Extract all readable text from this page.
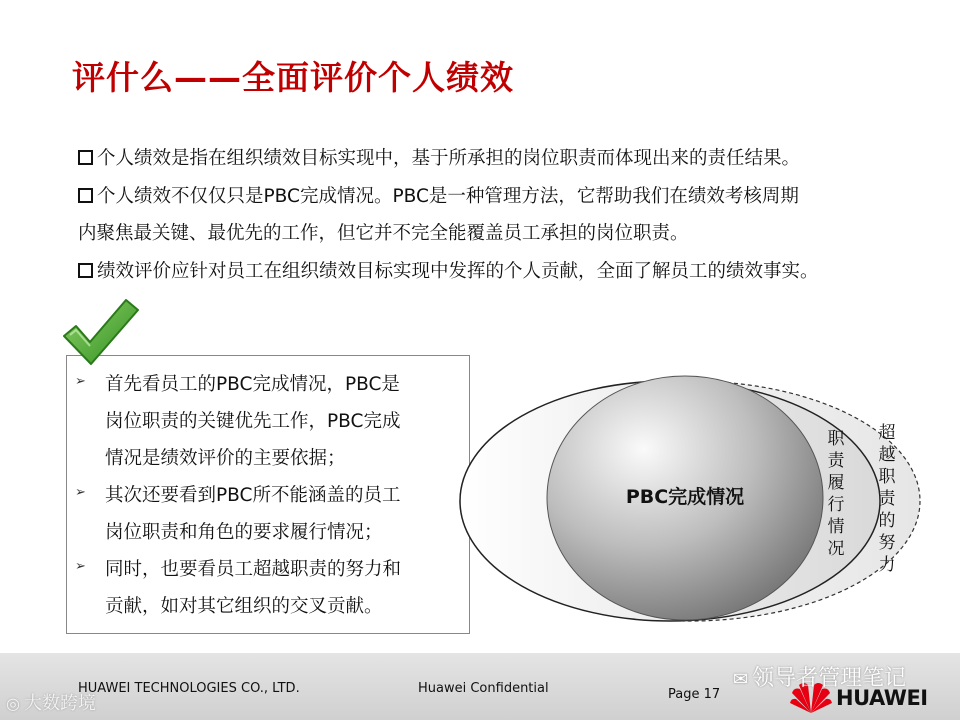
评什么——全面评价个人绩效
个人绩效是指在组织绩效目标实现中，基于所承担的岗位职责而体现出来的责任结果。
个人绩效不仅仅只是PBC完成情况。PBC是一种管理方法，它帮助我们在绩效考核周期
内聚焦最关键、最优先的工作，但它并不完全能覆盖员工承担的岗位职责。
绩效评价应针对员工在组织绩效目标实现中发挥的个人贡献，全面了解员工的绩效事实。
➢ 首先看员工的PBC完成情况，PBC是
岗位职责的关键优先工作，PBC完成
情况是绩效评价的主要依据；
➢ 其次还要看到PBC所不能涵盖的员工
岗位职责和角色的要求履行情况；
➢ 同时，也要看员工超越职责的努力和
贡献，如对其它组织的交叉贡献。
PBC完成情况
职责履行情况
超越职责的努力
HUAWEI TECHNOLOGIES CO., LTD.	Huawei Confidential	Page 17	HUAWEI
✉ 领导者管理笔记
◎ 大数跨境
